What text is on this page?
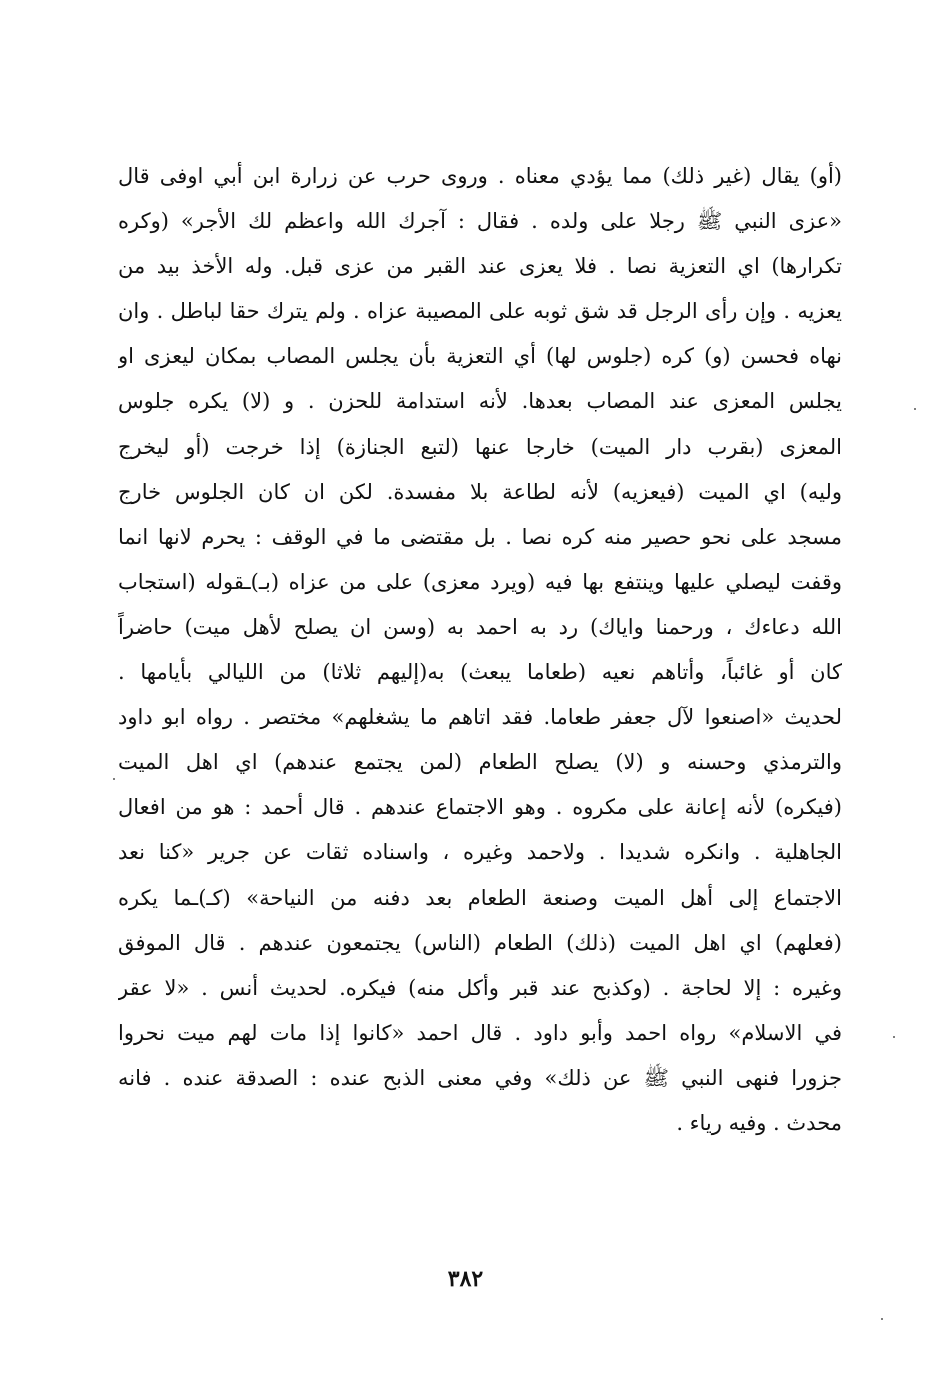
(أو) يقال (غير ذلك) مما يؤدي معناه . وروى حرب عن زرارة ابن أبي اوفى قال
«عزى النبي ﷺ رجلا على ولده . فقال : آجرك الله واعظم لك الأجر» (وكره
تكرارها) اي التعزية نصا . فلا يعزى عند القبر من عزى قبل. وله الأخذ بيد من
يعزيه . وإن رأى الرجل قد شق ثوبه على المصيبة عزاه . ولم يترك حقا لباطل . وان
نهاه فحسن (و) كره (جلوس لها) أي التعزية بأن يجلس المصاب بمكان ليعزى او
يجلس المعزى عند المصاب بعدها. لأنه استدامة للحزن . و (لا) يكره جلوس
المعزى (بقرب دار الميت) خارجا عنها (لتبع الجنازة) إذا خرجت (أو ليخرج
وليه) اي الميت (فيعزيه) لأنه لطاعة بلا مفسدة. لكن ان كان الجلوس خارج
مسجد على نحو حصير منه كره نصا . بل مقتضى ما في الوقف : يحرم لانها انما
وقفت ليصلي عليها وينتفع بها فيه (ويرد معزى) على من عزاه (بـ)ـقوله (استجاب
الله دعاءك ، ورحمنا واياك) رد به احمد به (وسن ان يصلح لأهل ميت) حاضراً
كان أو غائباً، وأتاهم نعيه (طعاما يبعث) به(إليهم ثلاثا) من الليالي بأيامها .
لحديث «اصنعوا لآل جعفر طعاما. فقد اتاهم ما يشغلهم» مختصر . رواه ابو داود
والترمذي وحسنه و (لا) يصلح الطعام (لمن يجتمع عندهم) اي اهل الميت
(فيكره) لأنه إعانة على مكروه . وهو الاجتماع عندهم . قال أحمد : هو من افعال
الجاهلية . وانكره شديدا . ولاحمد وغيره ، واسناده ثقات عن جرير «كنا نعد
الاجتماع إلى أهل الميت وصنعة الطعام بعد دفنه من النياحة» (كـ)ـما يكره
(فعلهم) اي اهل الميت (ذلك) الطعام (الناس) يجتمعون عندهم . قال الموفق
وغيره : إلا لحاجة . (وكذبح عند قبر وأكل منه) فيكره. لحديث أنس . «لا عقر
في الاسلام» رواه احمد وأبو داود . قال احمد «كانوا إذا مات لهم ميت نحروا
جزورا فنهى النبي ﷺ عن ذلك» وفي معنى الذبح عنده : الصدقة عنده . فانه
محدث . وفيه رياء .
٣٨٢
